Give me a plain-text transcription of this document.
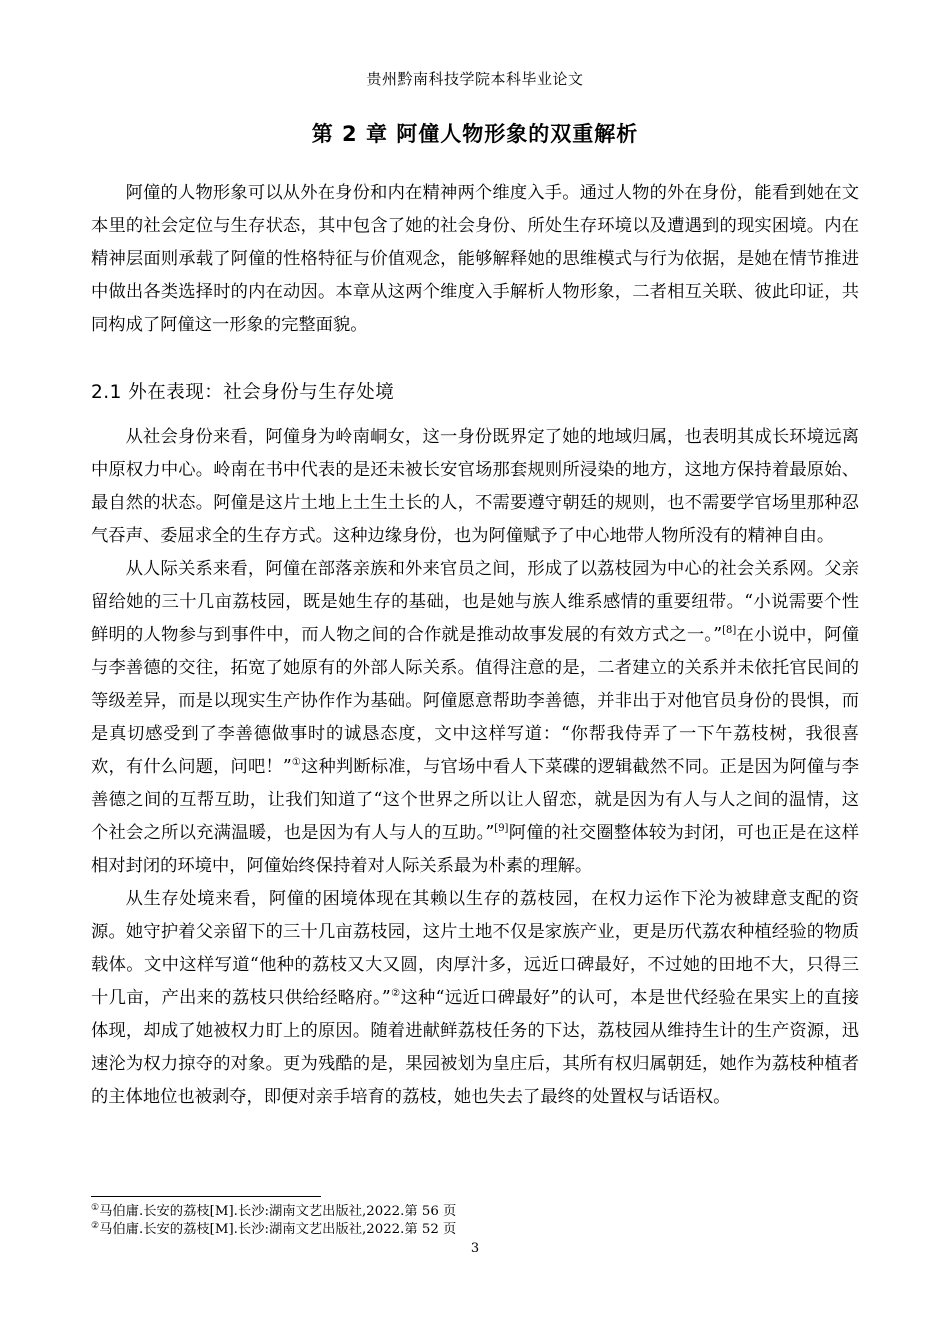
贵州黔南科技学院本科毕业论文
第 2 章 阿僮人物形象的双重解析

阿僮的人物形象可以从外在身份和内在精神两个维度入手。通过人物的外在身份，能看到她在文本里的社会定位与生存状态，其中包含了她的社会身份、所处生存环境以及遭遇到的现实困境。内在精神层面则承载了阿僮的性格特征与价值观念，能够解释她的思维模式与行为依据，是她在情节推进中做出各类选择时的内在动因。本章从这两个维度入手解析人物形象，二者相互关联、彼此印证，共同构成了阿僮这一形象的完整面貌。

2.1 外在表现：社会身份与生存处境

从社会身份来看，阿僮身为岭南峒女，这一身份既界定了她的地域归属，也表明其成长环境远离中原权力中心。岭南在书中代表的是还未被长安官场那套规则所浸染的地方，这地方保持着最原始、最自然的状态。阿僮是这片土地上土生土长的人，不需要遵守朝廷的规则，也不需要学官场里那种忍气吞声、委屈求全的生存方式。这种边缘身份，也为阿僮赋予了中心地带人物所没有的精神自由。

从人际关系来看，阿僮在部落亲族和外来官员之间，形成了以荔枝园为中心的社会关系网。父亲留给她的三十几亩荔枝园，既是她生存的基础，也是她与族人维系感情的重要纽带。“小说需要个性鲜明的人物参与到事件中，而人物之间的合作就是推动故事发展的有效方式之一。”[8]在小说中，阿僮与李善德的交往，拓宽了她原有的外部人际关系。值得注意的是，二者建立的关系并未依托官民间的等级差异，而是以现实生产协作作为基础。阿僮愿意帮助李善德，并非出于对他官员身份的畏惧，而是真切感受到了李善德做事时的诚恳态度，文中这样写道：“你帮我侍弄了一下午荔枝树，我很喜欢，有什么问题，问吧！”①这种判断标准，与官场中看人下菜碟的逻辑截然不同。正是因为阿僮与李善德之间的互帮互助，让我们知道了“这个世界之所以让人留恋，就是因为有人与人之间的温情，这个社会之所以充满温暖，也是因为有人与人的互助。”[9]阿僮的社交圈整体较为封闭，可也正是在这样相对封闭的环境中，阿僮始终保持着对人际关系最为朴素的理解。

从生存处境来看，阿僮的困境体现在其赖以生存的荔枝园，在权力运作下沦为被肆意支配的资源。她守护着父亲留下的三十几亩荔枝园，这片土地不仅是家族产业，更是历代荔农种植经验的物质载体。文中这样写道“他种的荔枝又大又圆，肉厚汁多，远近口碑最好，不过她的田地不大，只得三十几亩，产出来的荔枝只供给经略府。”②这种“远近口碑最好”的认可，本是世代经验在果实上的直接体现，却成了她被权力盯上的原因。随着进献鲜荔枝任务的下达，荔枝园从维持生计的生产资源，迅速沦为权力掠夺的对象。更为残酷的是，果园被划为皇庄后，其所有权归属朝廷，她作为荔枝种植者的主体地位也被剥夺，即便对亲手培育的荔枝，她也失去了最终的处置权与话语权。

①马伯庸.长安的荔枝[M].长沙:湖南文艺出版社,2022.第 56 页
②马伯庸.长安的荔枝[M].长沙:湖南文艺出版社,2022.第 52 页
3
